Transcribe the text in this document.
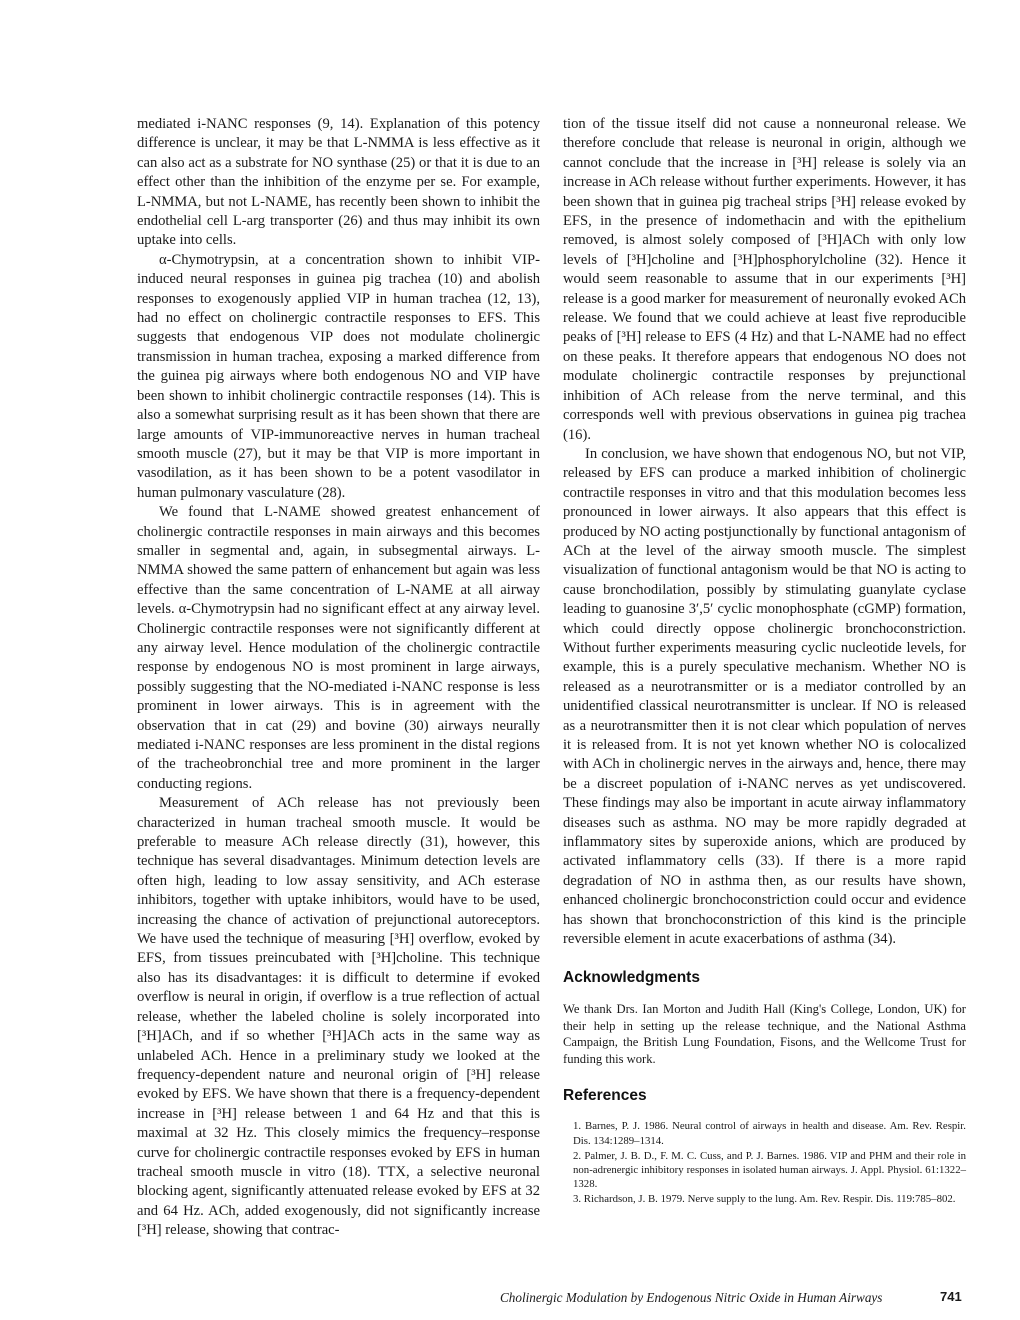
mediated i-NANC responses (9, 14). Explanation of this potency difference is unclear, it may be that L-NMMA is less effective as it can also act as a substrate for NO synthase (25) or that it is due to an effect other than the inhibition of the enzyme per se. For example, L-NMMA, but not L-NAME, has recently been shown to inhibit the endothelial cell L-arg transporter (26) and thus may inhibit its own uptake into cells.

α-Chymotrypsin, at a concentration shown to inhibit VIP-induced neural responses in guinea pig trachea (10) and abolish responses to exogenously applied VIP in human trachea (12, 13), had no effect on cholinergic contractile responses to EFS. This suggests that endogenous VIP does not modulate cholinergic transmission in human trachea, exposing a marked difference from the guinea pig airways where both endogenous NO and VIP have been shown to inhibit cholinergic contractile responses (14). This is also a somewhat surprising result as it has been shown that there are large amounts of VIP-immunoreactive nerves in human tracheal smooth muscle (27), but it may be that VIP is more important in vasodilation, as it has been shown to be a potent vasodilator in human pulmonary vasculature (28).

We found that L-NAME showed greatest enhancement of cholinergic contractile responses in main airways and this becomes smaller in segmental and, again, in subsegmental airways. L-NMMA showed the same pattern of enhancement but again was less effective than the same concentration of L-NAME at all airway levels. α-Chymotrypsin had no significant effect at any airway level. Cholinergic contractile responses were not significantly different at any airway level. Hence modulation of the cholinergic contractile response by endogenous NO is most prominent in large airways, possibly suggesting that the NO-mediated i-NANC response is less prominent in lower airways. This is in agreement with the observation that in cat (29) and bovine (30) airways neurally mediated i-NANC responses are less prominent in the distal regions of the tracheobronchial tree and more prominent in the larger conducting regions.

Measurement of ACh release has not previously been characterized in human tracheal smooth muscle. It would be preferable to measure ACh release directly (31), however, this technique has several disadvantages. Minimum detection levels are often high, leading to low assay sensitivity, and ACh esterase inhibitors, together with uptake inhibitors, would have to be used, increasing the chance of activation of prejunctional autoreceptors. We have used the technique of measuring [³H] overflow, evoked by EFS, from tissues preincubated with [³H]choline. This technique also has its disadvantages: it is difficult to determine if evoked overflow is neural in origin, if overflow is a true reflection of actual release, whether the labeled choline is solely incorporated into [³H]ACh, and if so whether [³H]ACh acts in the same way as unlabeled ACh. Hence in a preliminary study we looked at the frequency-dependent nature and neuronal origin of [³H] release evoked by EFS. We have shown that there is a frequency-dependent increase in [³H] release between 1 and 64 Hz and that this is maximal at 32 Hz. This closely mimics the frequency–response curve for cholinergic contractile responses evoked by EFS in human tracheal smooth muscle in vitro (18). TTX, a selective neuronal blocking agent, significantly attenuated release evoked by EFS at 32 and 64 Hz. ACh, added exogenously, did not significantly increase [³H] release, showing that contrac-

tion of the tissue itself did not cause a nonneuronal release. We therefore conclude that release is neuronal in origin, although we cannot conclude that the increase in [³H] release is solely via an increase in ACh release without further experiments. However, it has been shown that in guinea pig tracheal strips [³H] release evoked by EFS, in the presence of indomethacin and with the epithelium removed, is almost solely composed of [³H]ACh with only low levels of [³H]choline and [³H]phosphorylcholine (32). Hence it would seem reasonable to assume that in our experiments [³H] release is a good marker for measurement of neuronally evoked ACh release. We found that we could achieve at least five reproducible peaks of [³H] release to EFS (4 Hz) and that L-NAME had no effect on these peaks. It therefore appears that endogenous NO does not modulate cholinergic contractile responses by prejunctional inhibition of ACh release from the nerve terminal, and this corresponds well with previous observations in guinea pig trachea (16).

In conclusion, we have shown that endogenous NO, but not VIP, released by EFS can produce a marked inhibition of cholinergic contractile responses in vitro and that this modulation becomes less pronounced in lower airways. It also appears that this effect is produced by NO acting postjunctionally by functional antagonism of ACh at the level of the airway smooth muscle. The simplest visualization of functional antagonism would be that NO is acting to cause bronchodilation, possibly by stimulating guanylate cyclase leading to guanosine 3′,5′ cyclic monophosphate (cGMP) formation, which could directly oppose cholinergic bronchoconstriction. Without further experiments measuring cyclic nucleotide levels, for example, this is a purely speculative mechanism. Whether NO is released as a neurotransmitter or is a mediator controlled by an unidentified classical neurotransmitter is unclear. If NO is released as a neurotransmitter then it is not clear which population of nerves it is released from. It is not yet known whether NO is colocalized with ACh in cholinergic nerves in the airways and, hence, there may be a discreet population of i-NANC nerves as yet undiscovered. These findings may also be important in acute airway inflammatory diseases such as asthma. NO may be more rapidly degraded at inflammatory sites by superoxide anions, which are produced by activated inflammatory cells (33). If there is a more rapid degradation of NO in asthma then, as our results have shown, enhanced cholinergic bronchoconstriction could occur and evidence has shown that bronchoconstriction of this kind is the principle reversible element in acute exacerbations of asthma (34).

Acknowledgments

We thank Drs. Ian Morton and Judith Hall (King's College, London, UK) for their help in setting up the release technique, and the National Asthma Campaign, the British Lung Foundation, Fisons, and the Wellcome Trust for funding this work.

References
1. Barnes, P. J. 1986. Neural control of airways in health and disease. Am. Rev. Respir. Dis. 134:1289–1314.
2. Palmer, J. B. D., F. M. C. Cuss, and P. J. Barnes. 1986. VIP and PHM and their role in non-adrenergic inhibitory responses in isolated human airways. J. Appl. Physiol. 61:1322–1328.
3. Richardson, J. B. 1979. Nerve supply to the lung. Am. Rev. Respir. Dis. 119:785–802.
Cholinergic Modulation by Endogenous Nitric Oxide in Human Airways	741
